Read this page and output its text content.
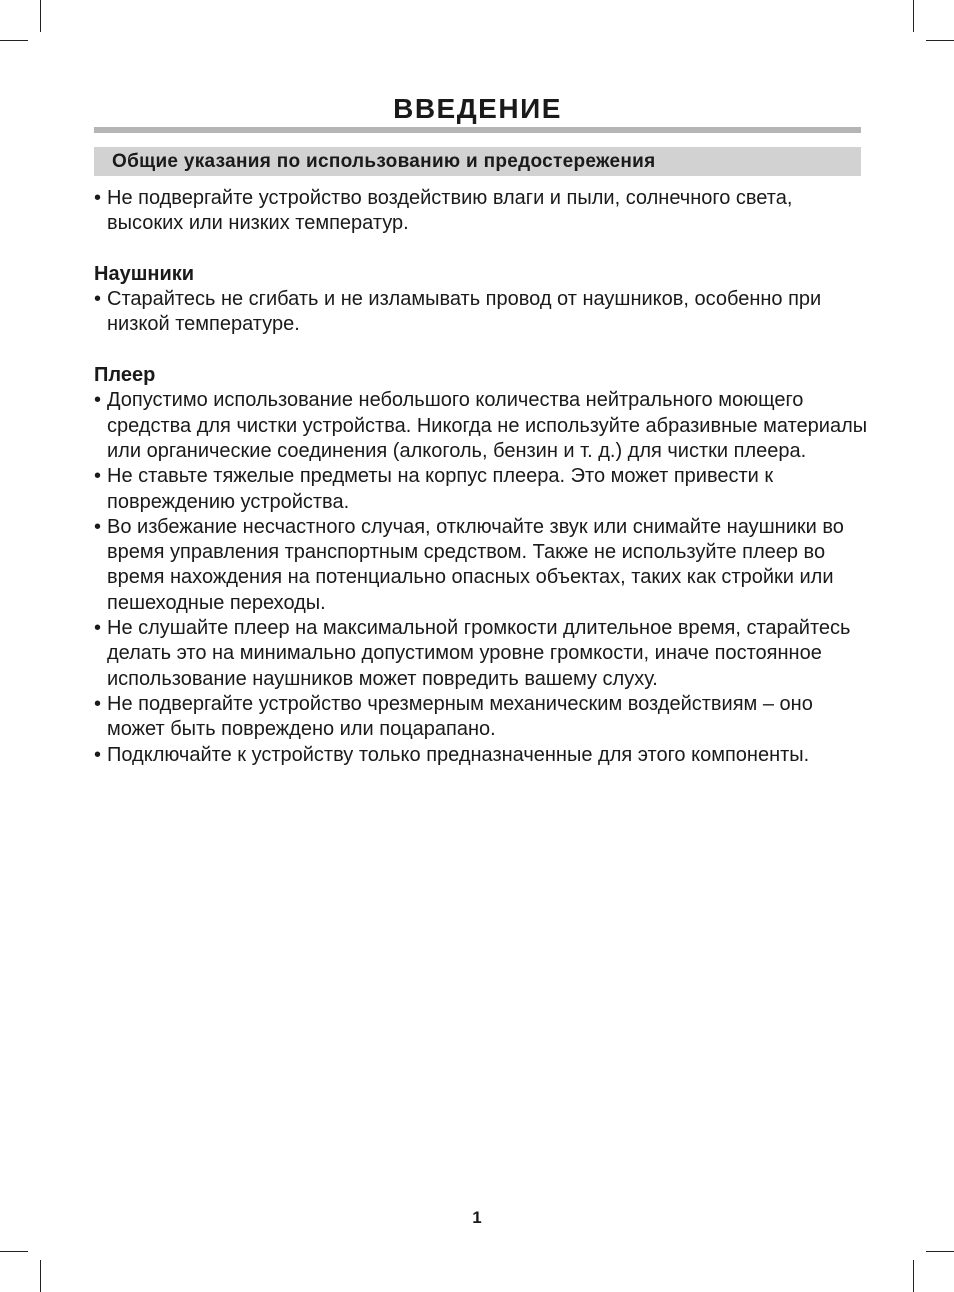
ВВЕДЕНИЕ
Общие указания по использованию и предостережения
• Не подвергайте устройство воздействию влаги и пыли, солнечного света, высоких или низких температур.
Наушники
• Старайтесь не сгибать и не изламывать провод от наушников, особенно при низкой температуре.
Плеер
• Допустимо использование небольшого количества нейтрального моющего средства для чистки устройства. Никогда не используйте абразивные материалы или органические соединения (алкоголь, бензин и т. д.) для чистки плеера.
• Не ставьте тяжелые предметы на корпус плеера. Это может привести к повреждению устройства.
• Во избежание несчастного случая, отключайте звук или снимайте наушники во время управления транспортным средством. Также не используйте плеер во время нахождения на потенциально опасных объектах, таких как стройки или пешеходные переходы.
• Не слушайте плеер на максимальной громкости длительное время, старайтесь делать это на минимально допустимом уровне громкости, иначе постоянное использование наушников может повредить вашему слуху.
• Не подвергайте устройство чрезмерным механическим воздействиям – оно может быть повреждено или поцарапано.
• Подключайте к устройству только предназначенные для этого компоненты.
1
